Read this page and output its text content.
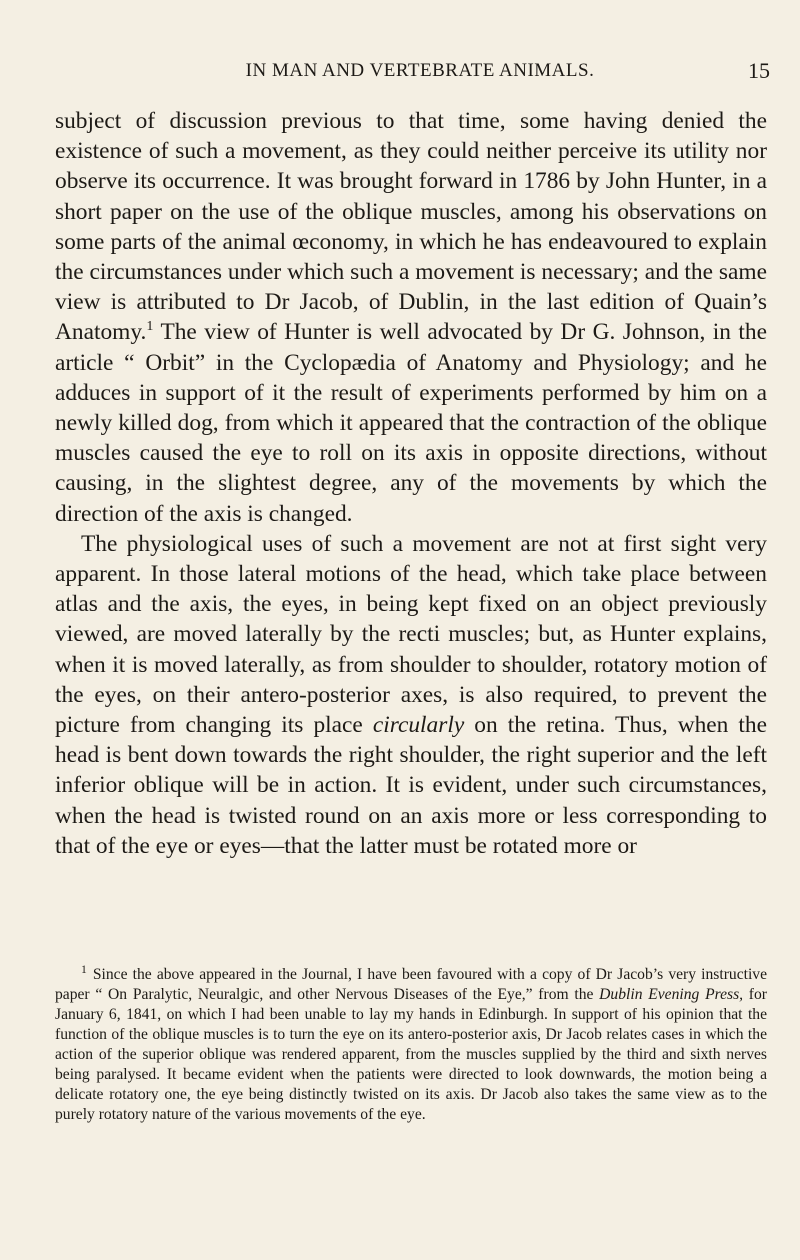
IN MAN AND VERTEBRATE ANIMALS.	15

subject of discussion previous to that time, some having denied the existence of such a movement, as they could neither perceive its utility nor observe its occurrence. It was brought forward in 1786 by John Hunter, in a short paper on the use of the oblique muscles, among his observations on some parts of the animal œconomy, in which he has endeavoured to explain the circumstances under which such a movement is necessary; and the same view is attributed to Dr Jacob, of Dublin, in the last edition of Quain’s Anatomy.$^1$ The view of Hunter is well advocated by Dr G. Johnson, in the article “ Orbit” in the Cyclopædia of Anatomy and Physiology; and he adduces in support of it the result of experiments performed by him on a newly killed dog, from which it appeared that the contraction of the oblique muscles caused the eye to roll on its axis in opposite directions, without causing, in the slightest degree, any of the movements by which the direction of the axis is changed.

The physiological uses of such a movement are not at first sight very apparent. In those lateral motions of the head, which take place between atlas and the axis, the eyes, in being kept fixed on an object previously viewed, are moved laterally by the recti muscles; but, as Hunter explains, when it is moved laterally, as from shoulder to shoulder, rotatory motion of the eyes, on their antero-posterior axes, is also required, to prevent the picture from changing its place circularly on the retina. Thus, when the head is bent down towards the right shoulder, the right superior and the left inferior oblique will be in action. It is evident, under such circumstances, when the head is twisted round on an axis more or less corresponding to that of the eye or eyes—that the latter must be rotated more or

$^1$ Since the above appeared in the Journal, I have been favoured with a copy of Dr Jacob’s very instructive paper “ On Paralytic, Neuralgic, and other Nervous Diseases of the Eye,” from the Dublin Evening Press, for January 6, 1841, on which I had been unable to lay my hands in Edinburgh. In support of his opinion that the function of the oblique muscles is to turn the eye on its antero-posterior axis, Dr Jacob relates cases in which the action of the superior oblique was rendered apparent, from the muscles supplied by the third and sixth nerves being paralysed. It became evident when the patients were directed to look downwards, the motion being a delicate rotatory one, the eye being distinctly twisted on its axis. Dr Jacob also takes the same view as to the purely rotatory nature of the various movements of the eye.
